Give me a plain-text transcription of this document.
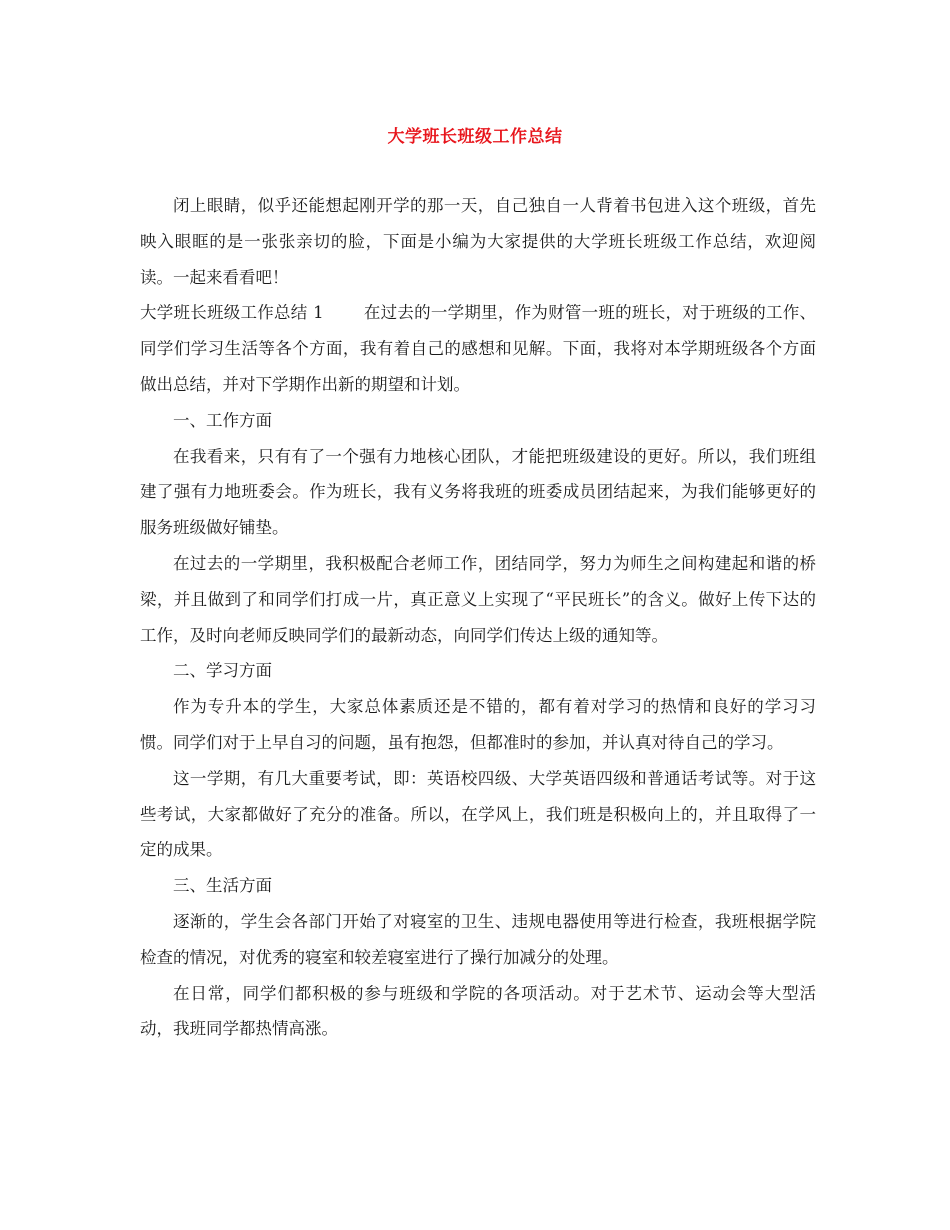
大学班长班级工作总结

闭上眼睛，似乎还能想起刚开学的那一天，自己独自一人背着书包进入这个班级，首先映入眼眶的是一张张亲切的脸，下面是小编为大家提供的大学班长班级工作总结，欢迎阅读。一起来看看吧！

大学班长班级工作总结 1 在过去的一学期里，作为财管一班的班长，对于班级的工作、同学们学习生活等各个方面，我有着自己的感想和见解。下面，我将对本学期班级各个方面做出总结，并对下学期作出新的期望和计划。

一、工作方面

在我看来，只有有了一个强有力地核心团队，才能把班级建设的更好。所以，我们班组建了强有力地班委会。作为班长，我有义务将我班的班委成员团结起来，为我们能够更好的服务班级做好铺垫。

在过去的一学期里，我积极配合老师工作，团结同学，努力为师生之间构建起和谐的桥梁，并且做到了和同学们打成一片，真正意义上实现了“平民班长”的含义。做好上传下达的工作，及时向老师反映同学们的最新动态，向同学们传达上级的通知等。

二、学习方面

作为专升本的学生，大家总体素质还是不错的，都有着对学习的热情和良好的学习习惯。同学们对于上早自习的问题，虽有抱怨，但都准时的参加，并认真对待自己的学习。

这一学期，有几大重要考试，即：英语校四级、大学英语四级和普通话考试等。对于这些考试，大家都做好了充分的准备。所以，在学风上，我们班是积极向上的，并且取得了一定的成果。

三、生活方面

逐渐的，学生会各部门开始了对寝室的卫生、违规电器使用等进行检查，我班根据学院检查的情况，对优秀的寝室和较差寝室进行了操行加减分的处理。

在日常，同学们都积极的参与班级和学院的各项活动。对于艺术节、运动会等大型活动，我班同学都热情高涨。
